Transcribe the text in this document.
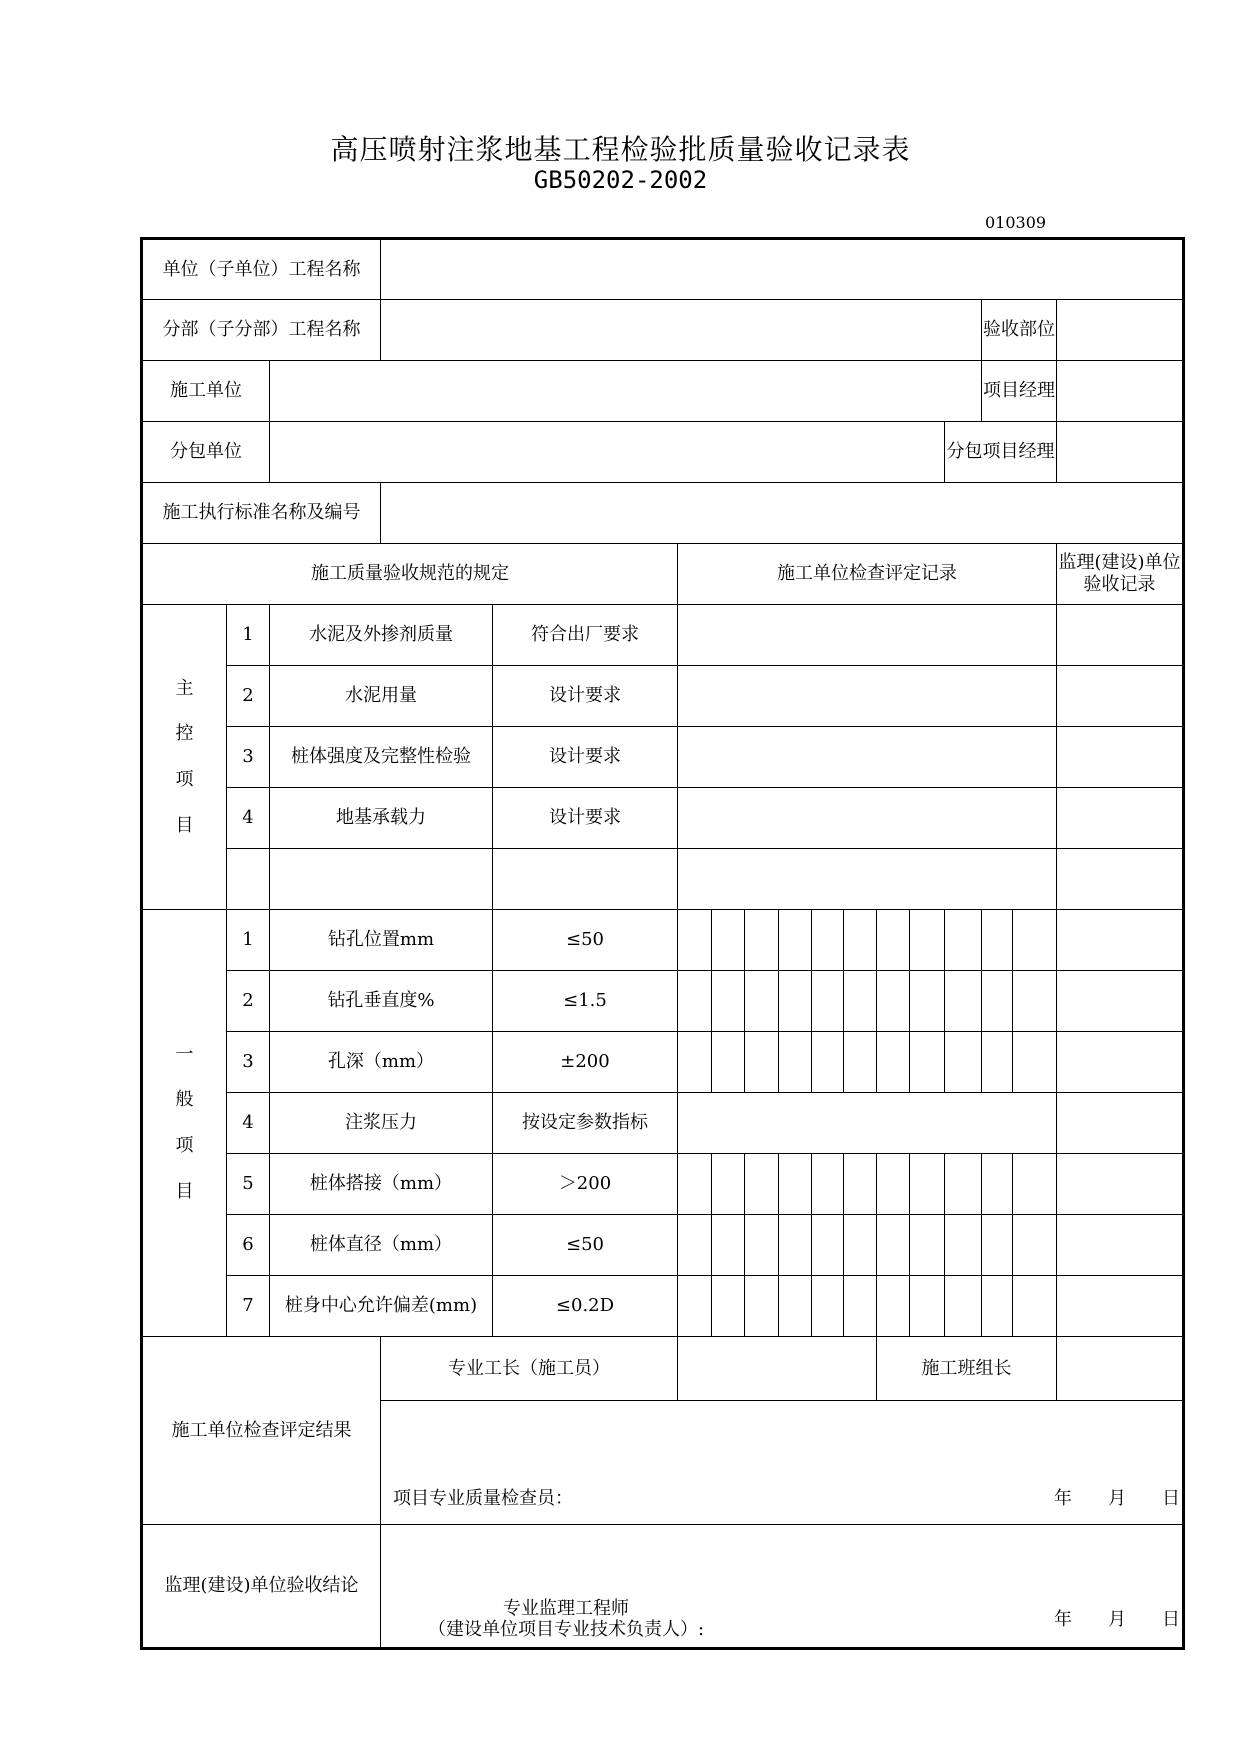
高压喷射注浆地基工程检验批质量验收记录表
GB50202-2002
010309
单位（子单位）工程名称																
分部（子分部）工程名称														验收部位		
施工单位														项目经理		
分包单位													分包项目经理			
施工执行标准名称及编号																
施工质量验收规范的规定					施工单位检查评定记录											监理(建设)单位验收记录

主
控
项
目	1	水泥及外掺剂质量		符合出厂要求												
	2	水泥用量		设计要求												
	3	桩体强度及完整性检验		设计要求												
	4	地基承载力		设计要求												

一
般
项
目	1	钻孔位置mm		≤50												
	2	钻孔垂直度%		≤1.5												
	3	孔深（mm）		±200												
	4	注浆压力		按设定参数指标												
	5	桩体搭接（mm）		＞200												
	6	桩体直径（mm）		≤50												
	7	桩身中心允许偏差(mm)		≤0.2D												
施工单位检查评定结果			专业工长（施工员）								施工班组长					

			项目专业质量检查员： 年　　月　　日													

监理(建设)单位验收结论			专业监理工程师
（建设单位项目专业技术负责人）: 年　　月　　日													
